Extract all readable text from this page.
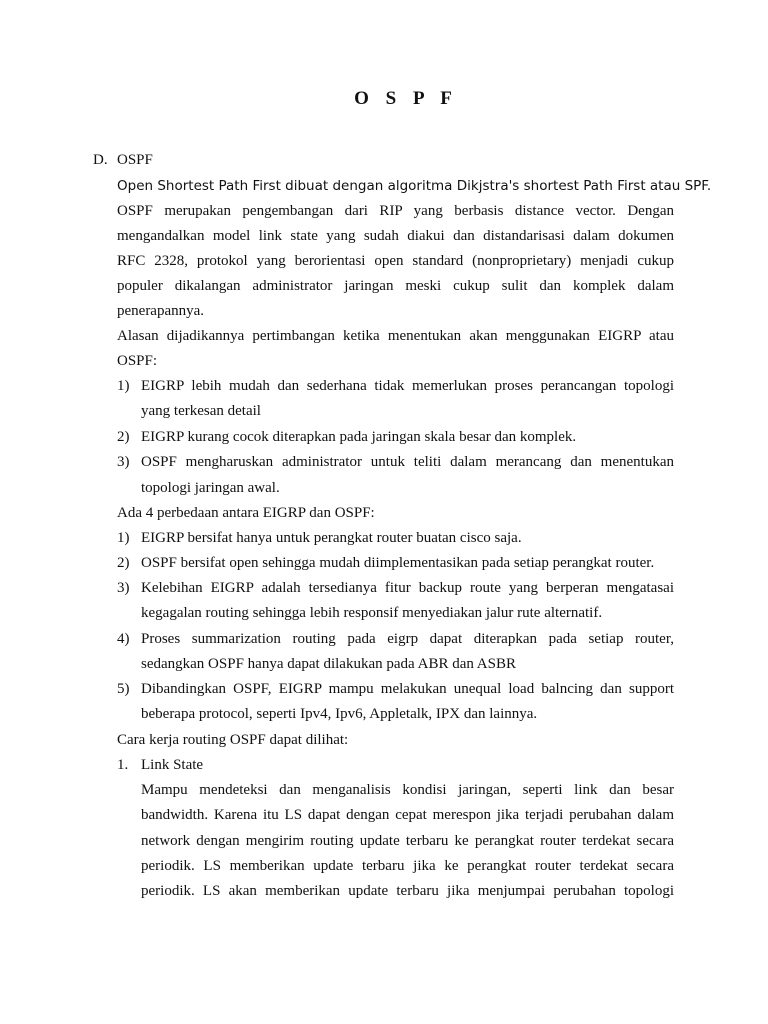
O S P F
D. OSPF
Open Shortest Path First dibuat dengan algoritma Dikjstra's shortest Path First atau SPF.
OSPF merupakan pengembangan dari RIP yang berbasis distance vector. Dengan
mengandalkan model link state yang sudah diakui dan distandarisasi dalam dokumen
RFC 2328, protokol yang berorientasi open standard (nonproprietary) menjadi cukup
populer dikalangan administrator jaringan meski cukup sulit dan komplek dalam
penerapannya.
Alasan dijadikannya pertimbangan ketika menentukan akan menggunakan EIGRP atau
OSPF:
1) EIGRP lebih mudah dan sederhana tidak memerlukan proses perancangan topologi
yang terkesan detail
2) EIGRP kurang cocok diterapkan pada jaringan skala besar dan komplek.
3) OSPF mengharuskan administrator untuk teliti dalam merancang dan menentukan
topologi jaringan awal.
Ada 4 perbedaan antara EIGRP dan OSPF:
1) EIGRP bersifat hanya untuk perangkat router buatan cisco saja.
2) OSPF bersifat open sehingga mudah diimplementasikan pada setiap perangkat router.
3) Kelebihan EIGRP adalah tersedianya fitur backup route yang berperan mengatasai
kegagalan routing sehingga lebih responsif menyediakan jalur rute alternatif.
4) Proses summarization routing pada eigrp dapat diterapkan pada setiap router,
sedangkan OSPF hanya dapat dilakukan pada ABR dan ASBR
5) Dibandingkan OSPF, EIGRP mampu melakukan unequal load balncing dan support
beberapa protocol, seperti Ipv4, Ipv6, Appletalk, IPX dan lainnya.
Cara kerja routing OSPF dapat dilihat:
1. Link State
Mampu mendeteksi dan menganalisis kondisi jaringan, seperti link dan besar
bandwidth. Karena itu LS dapat dengan cepat merespon jika terjadi perubahan dalam
network dengan mengirim routing update terbaru ke perangkat router terdekat secara
periodik. LS memberikan update terbaru jika ke perangkat router terdekat secara
periodik. LS akan memberikan update terbaru jika menjumpai perubahan topologi
